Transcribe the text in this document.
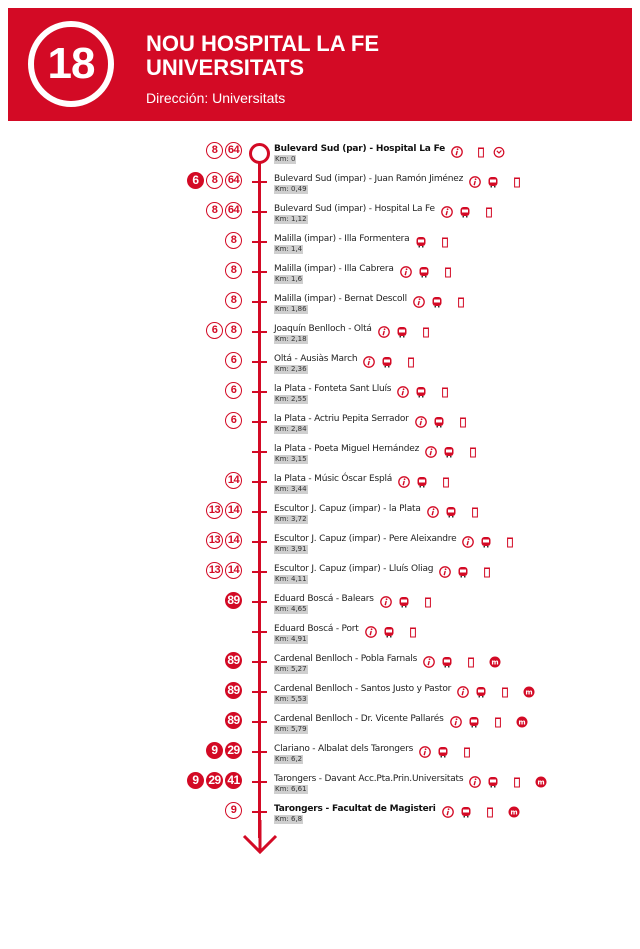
18	NOU HOSPITAL LA FE
UNIVERSITATS
Dirección: Universitats
8 64	Bulevard Sud (par) - Hospital La Fe
Km: 0
6	8 64	Bulevard Sud (impar) - Juan Ramón Jiménez
Km: 0,49
8 64	Bulevard Sud (impar) - Hospital La Fe
Km: 1,12
8	Malilla (impar) - Illa Formentera
Km: 1,4
8	Malilla (impar) - Illa Cabrera
Km: 1,6
8	Malilla (impar) - Bernat Descoll
Km: 1,86
6	8	Joaquín Benlloch - Oltá
Km: 2,18
6	Oltá - Ausiàs March
Km: 2,36
6	la Plata - Fonteta Sant Lluís
Km: 2,55
6	la Plata - Actriu Pepita Serrador
Km: 2,84
la Plata - Poeta Miguel Hernández
Km: 3,15
14	la Plata - Músic Óscar Esplá
Km: 3,44
13 14	Escultor J. Capuz (impar) - la Plata
Km: 3,72
13 14	Escultor J. Capuz (impar) - Pere Aleixandre
Km: 3,91
13 14	Escultor J. Capuz (impar) - Lluís Oliag
Km: 4,11
89	Eduard Boscá - Balears
Km: 4,65
Eduard Boscá - Port
Km: 4,91
89	Cardenal Benlloch - Pobla Farnals	m
Km: 5,27
89	Cardenal Benlloch - Santos Justo y Pastor	m
Km: 5,53
89	Cardenal Benlloch - Dr. Vicente Pallarés	m
Km: 5,79
9 29	Clariano - Albalat dels Tarongers
Km: 6,2
9 29 41	Tarongers - Davant Acc.Pta.Prin.Universitats	m
Km: 6,61
9	Tarongers - Facultat de Magisteri	m
Km: 6,8
